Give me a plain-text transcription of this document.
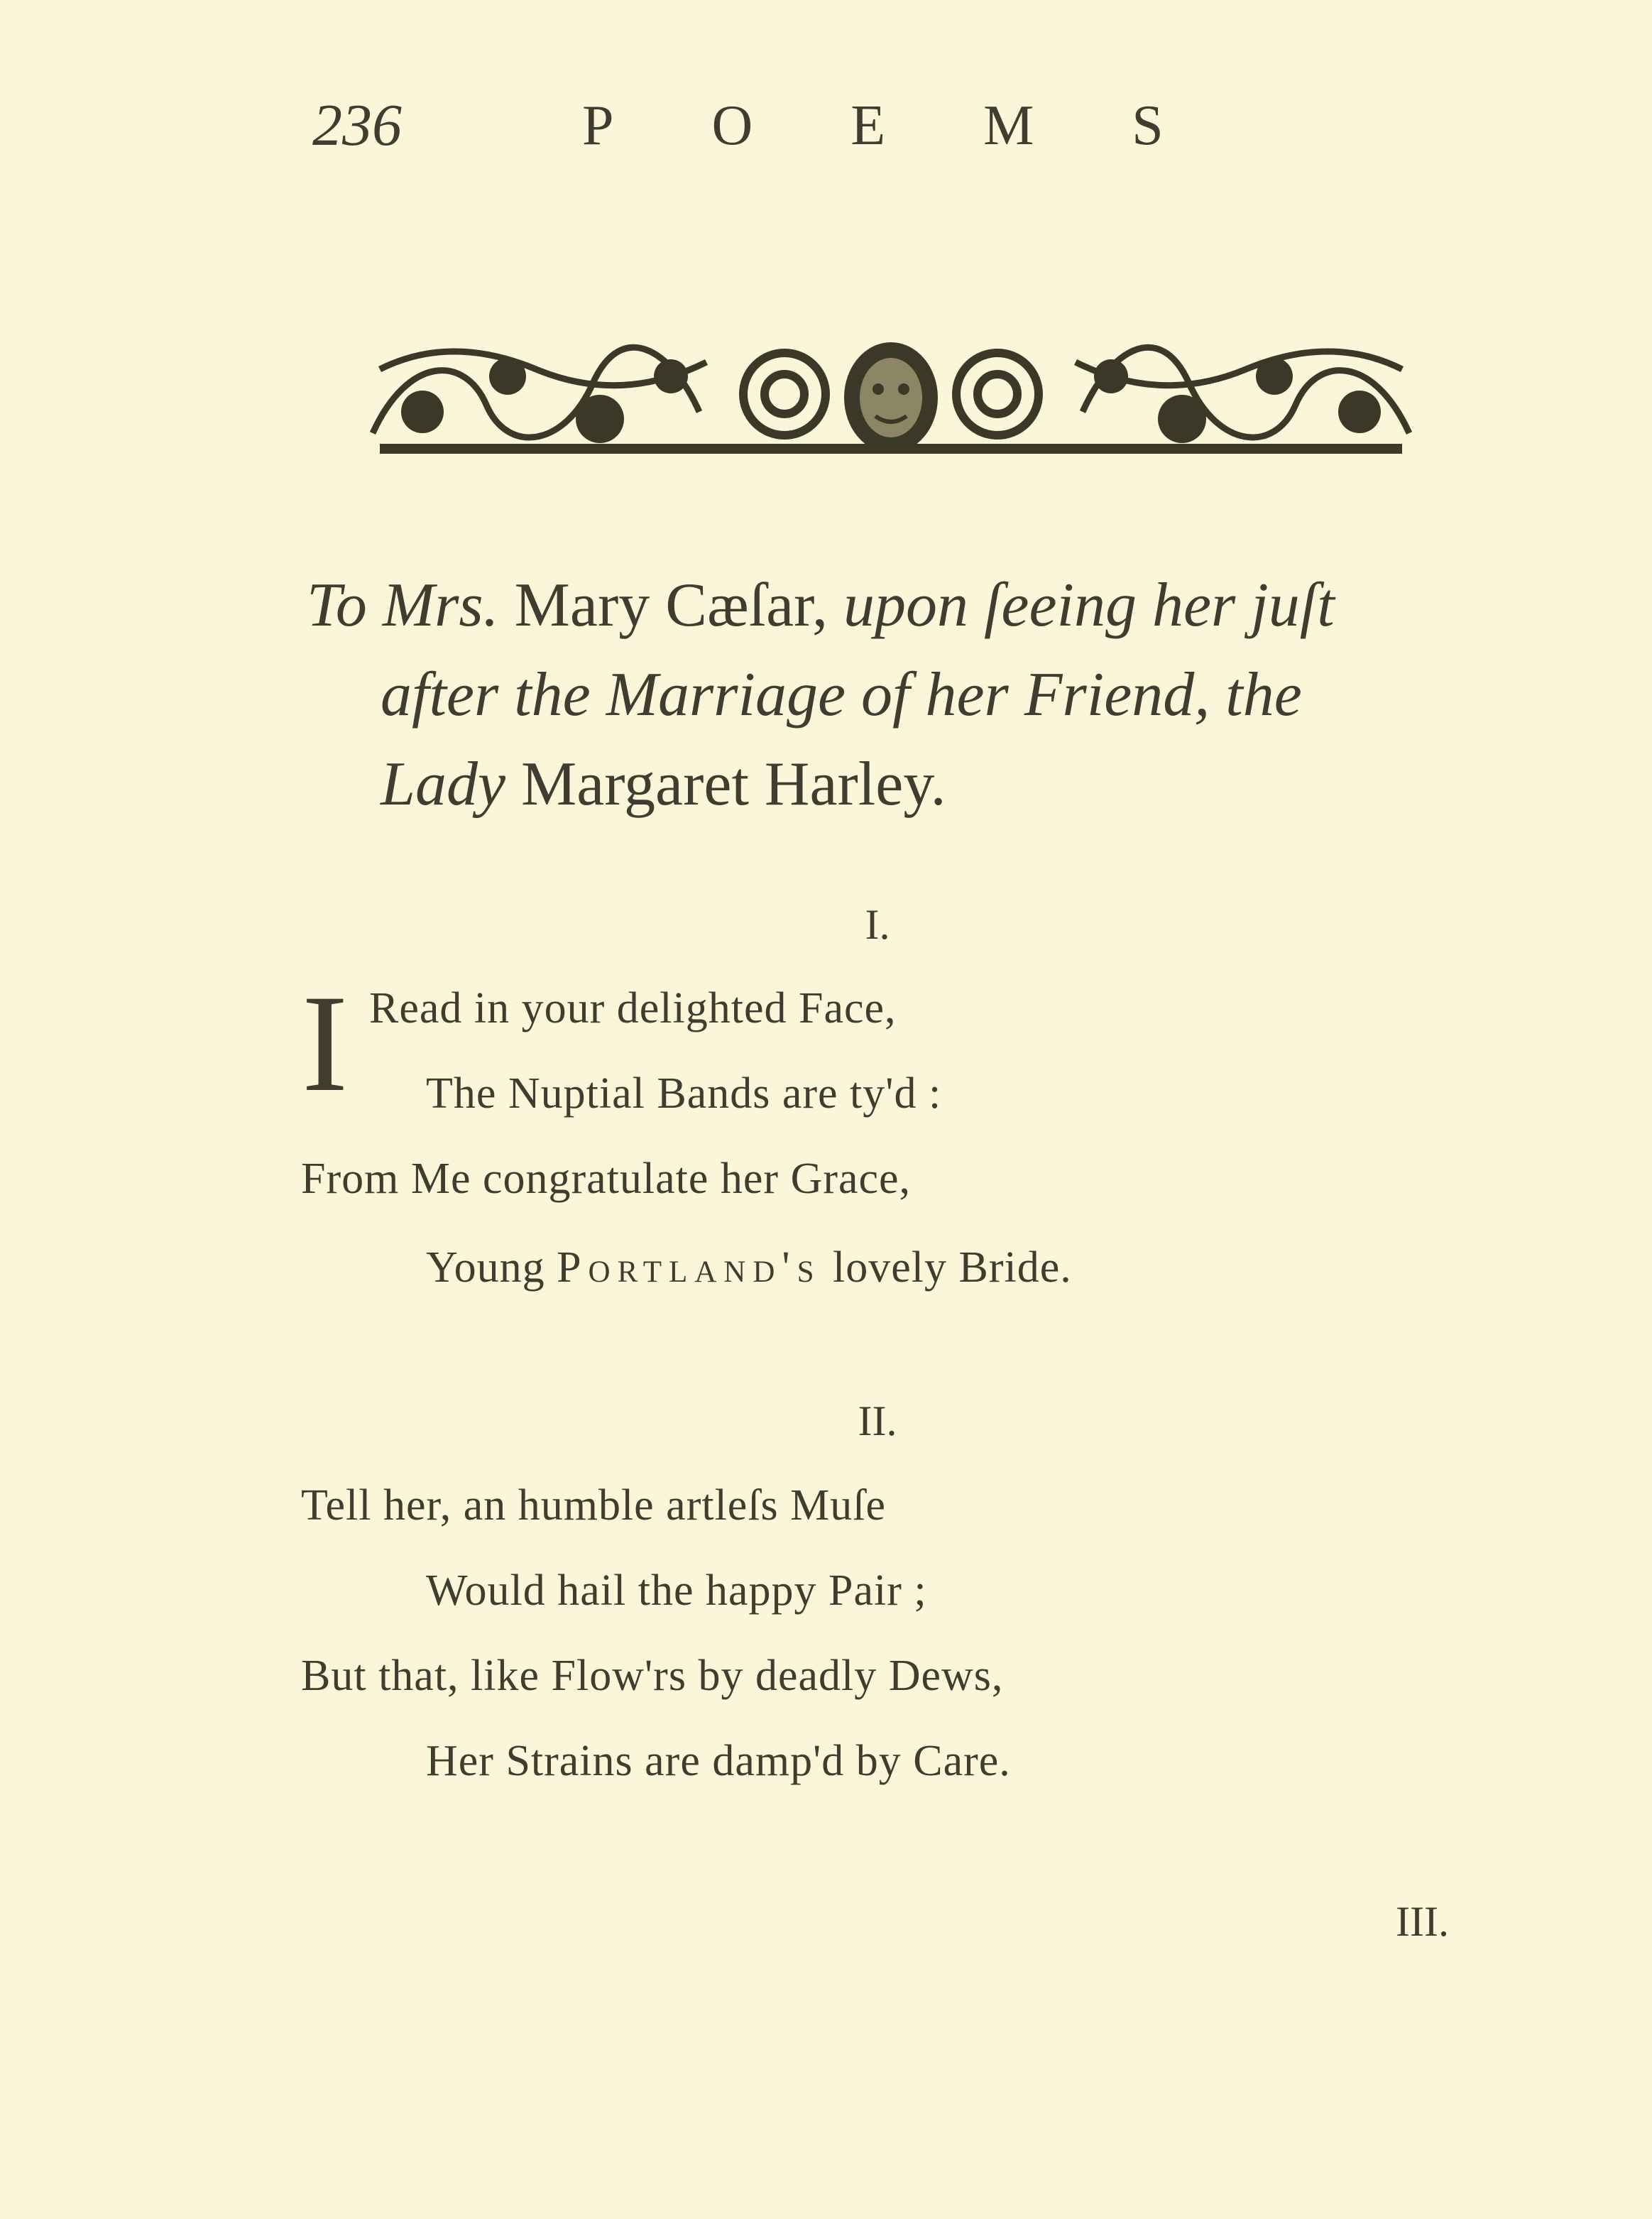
236	POEMS
To Mrs. Mary Cæſar, upon ſeeing her juſt
after the Marriage of her Friend, the
Lady Margaret Harley.
I.
I Read in your delighted Face,
The Nuptial Bands are ty'd :
From Me congratulate her Grace,
Young Portland's lovely Bride.
II.
Tell her, an humble artleſs Muſe
Would hail the happy Pair ;
But that, like Flow'rs by deadly Dews,
Her Strains are damp'd by Care.
III.
